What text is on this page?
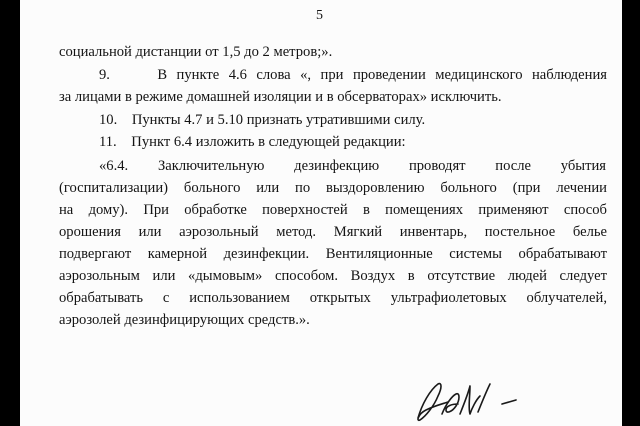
5
социальной дистанции от 1,5 до 2 метров;».
9.     В пункте 4.6 слова «, при проведении медицинского наблюдения
за лицами в режиме домашней изоляции и в обсерваторах» исключить.
10.    Пункты 4.7 и 5.10 признать утратившими силу.
11.    Пункт 6.4 изложить в следующей редакции:
«6.4. Заключительную дезинфекцию проводят после убытия
(госпитализации) больного или по выздоровлению больного (при лечении
на дому). При обработке поверхностей в помещениях применяют способ
орошения или аэрозольный метод. Мягкий инвентарь, постельное белье
подвергают камерной дезинфекции. Вентиляционные системы обрабатывают
аэрозольным или «дымовым» способом. Воздух в отсутствие людей следует
обрабатывать с использованием открытых ультрафиолетовых облучателей,
аэрозолей дезинфицирующих средств.».
